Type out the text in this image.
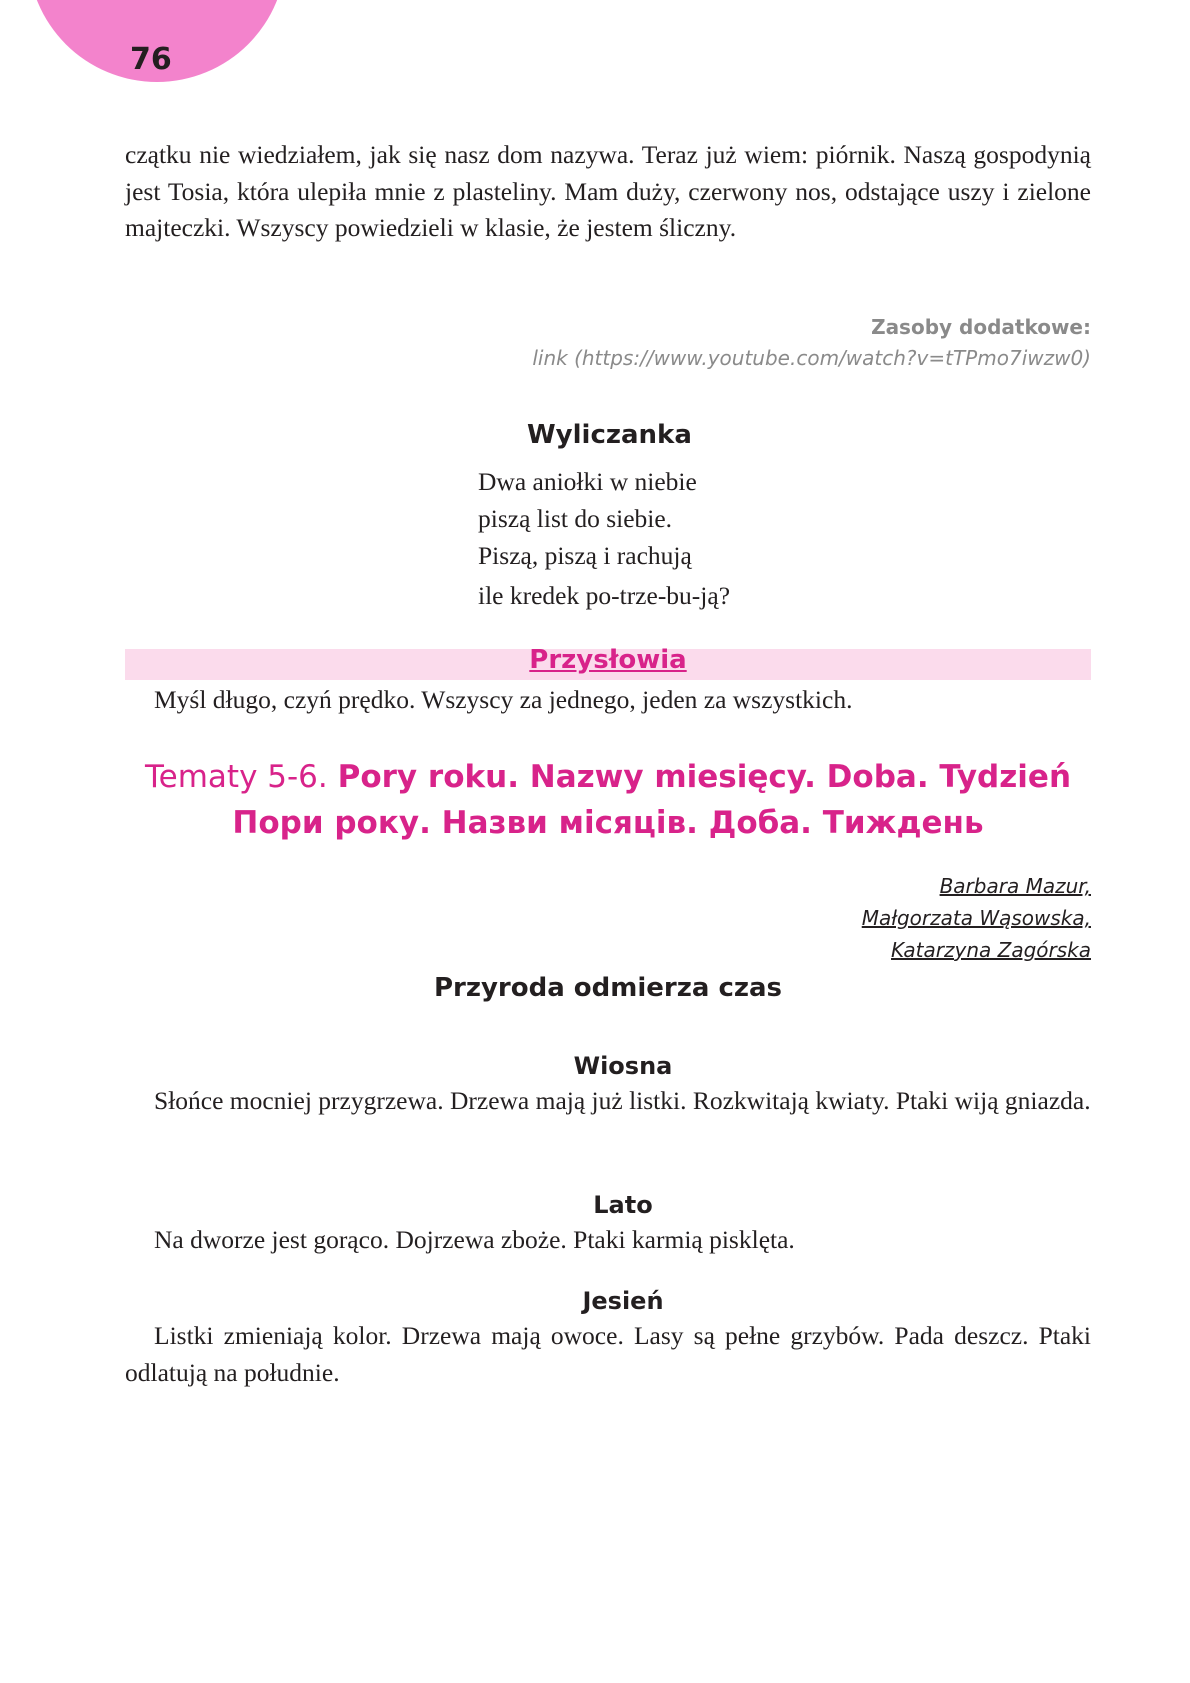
76

czątku nie wiedziałem, jak się nasz dom nazywa. Teraz już wiem: piórnik. Naszą gospodynią jest Tosia, która ulepiła mnie z plasteliny. Mam duży, czerwony nos, odstające uszy i zielone majteczki. Wszyscy powiedzieli w klasie, że jestem śliczny.

Zasoby dodatkowe:
link (https://www.youtube.com/watch?v=tTPmo7iwzw0)
Wyliczanka
Dwa aniołki w niebie
piszą list do siebie.
Piszą, piszą i rachują
ile kredek po-trze-bu-ją?
Przysłowia

Myśl długo, czyń prędko. Wszyscy za jednego, jeden za wszystkich.

Tematy 5-6. Pory roku. Nazwy miesięcy. Doba. Tydzień
Пори року. Назви місяців. Доба. Тиждень
Barbara Mazur,
Małgorzata Wąsowska,
Katarzyna Zagórska
Przyroda odmierza czas
Wiosna

Słońce mocniej przygrzewa. Drzewa mają już listki. Rozkwitają kwiaty. Ptaki wiją gniazda.

Lato

Na dworze jest gorąco. Dojrzewa zboże. Ptaki karmią pisklęta.

Jesień

Listki zmieniają kolor. Drzewa mają owoce. Lasy są pełne grzybów. Pada deszcz. Ptaki odlatują na południe.
